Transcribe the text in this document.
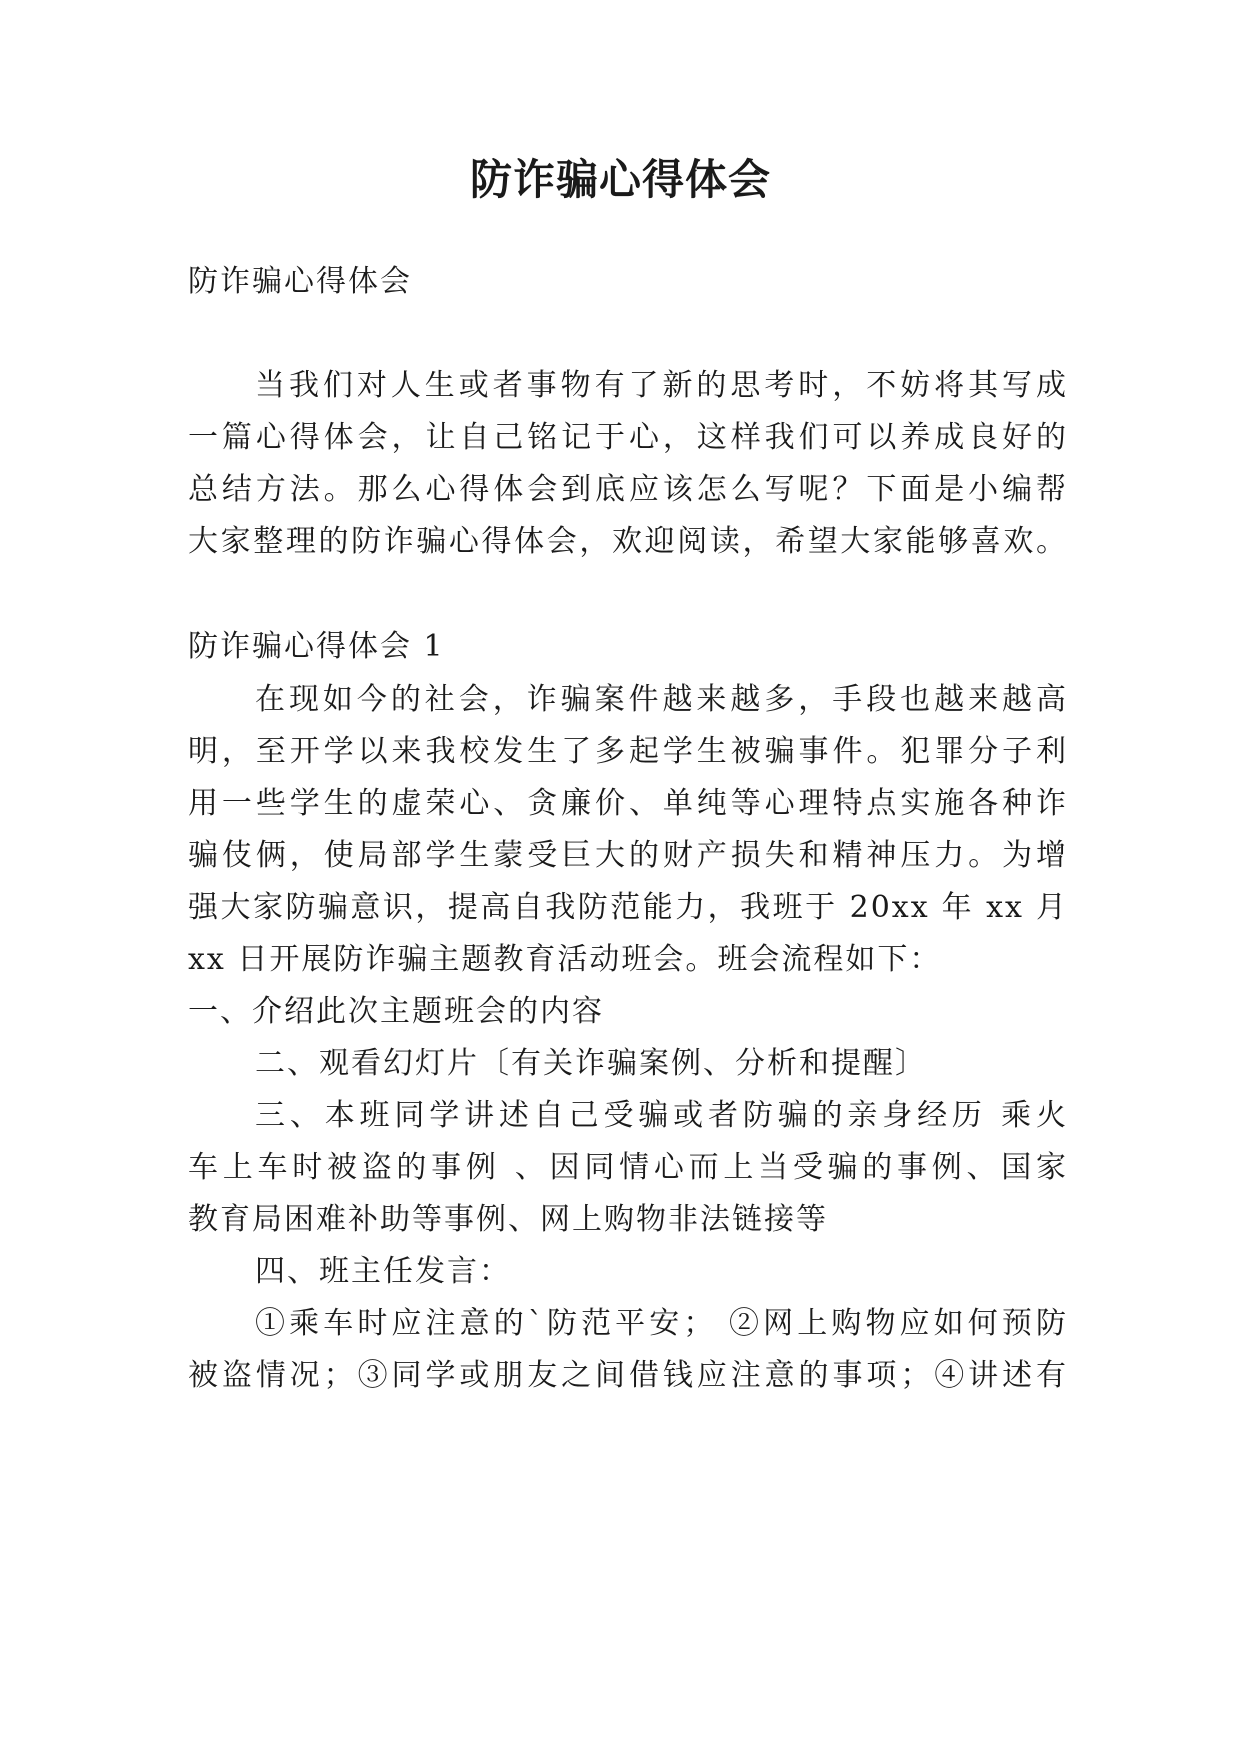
防诈骗心得体会
防诈骗心得体会
当我们对人生或者事物有了新的思考时，不妨将其写成
一篇心得体会，让自己铭记于心，这样我们可以养成良好的
总结方法。那么心得体会到底应该怎么写呢？下面是小编帮
大家整理的防诈骗心得体会，欢迎阅读，希望大家能够喜欢。
防诈骗心得体会 1
在现如今的社会，诈骗案件越来越多，手段也越来越高
明，至开学以来我校发生了多起学生被骗事件。犯罪分子利
用一些学生的虚荣心、贪廉价、单纯等心理特点实施各种诈
骗伎俩，使局部学生蒙受巨大的财产损失和精神压力。为增
强大家防骗意识，提高自我防范能力，我班于 20xx 年 xx 月
xx 日开展防诈骗主题教育活动班会。班会流程如下：
一、介绍此次主题班会的内容
二、观看幻灯片〔有关诈骗案例、分析和提醒〕
三、本班同学讲述自己受骗或者防骗的亲身经历 乘火
车上车时被盗的事例 、因同情心而上当受骗的事例、国家
教育局困难补助等事例、网上购物非法链接等
四、班主任发言：
①乘车时应注意的`防范平安； ②网上购物应如何预防
被盗情况；③同学或朋友之间借钱应注意的事项；④讲述有
